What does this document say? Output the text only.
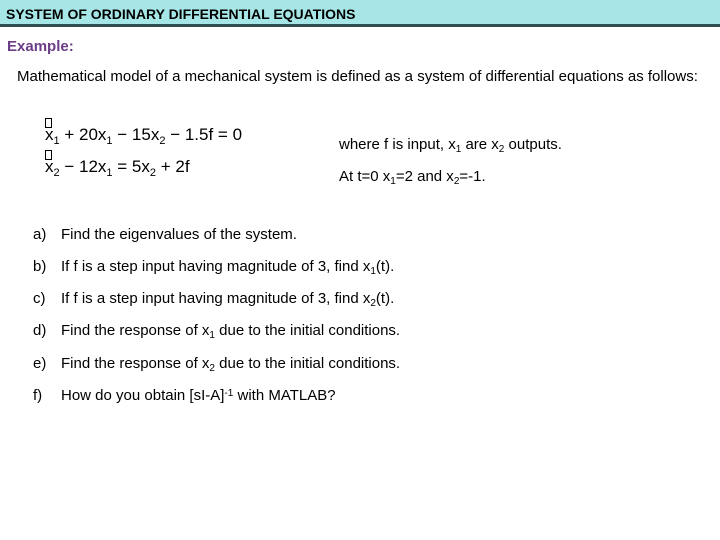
SYSTEM OF ORDINARY DIFFERENTIAL EQUATIONS
Example:
Mathematical model of a mechanical system is defined as a system of differential equations as follows:
$x_1 + 20x_1 - 15x_2 - 1.5f = 0$
$x_2 - 12x_1 = 5x_2 + 2f$
where f is input, $x_1$ are $x_2$ outputs.
At t=0 $x_1=2$ and $x_2=-1$.
a) Find the eigenvalues of the system.
b) If f is a step input having magnitude of 3, find $x_1(t)$.
c) If f is a step input having magnitude of 3, find $x_2(t)$.
d) Find the response of $x_1$ due to the initial conditions.
e) Find the response of $x_2$ due to the initial conditions.
f) How do you obtain $[sI-A]^{-1}$ with MATLAB?
